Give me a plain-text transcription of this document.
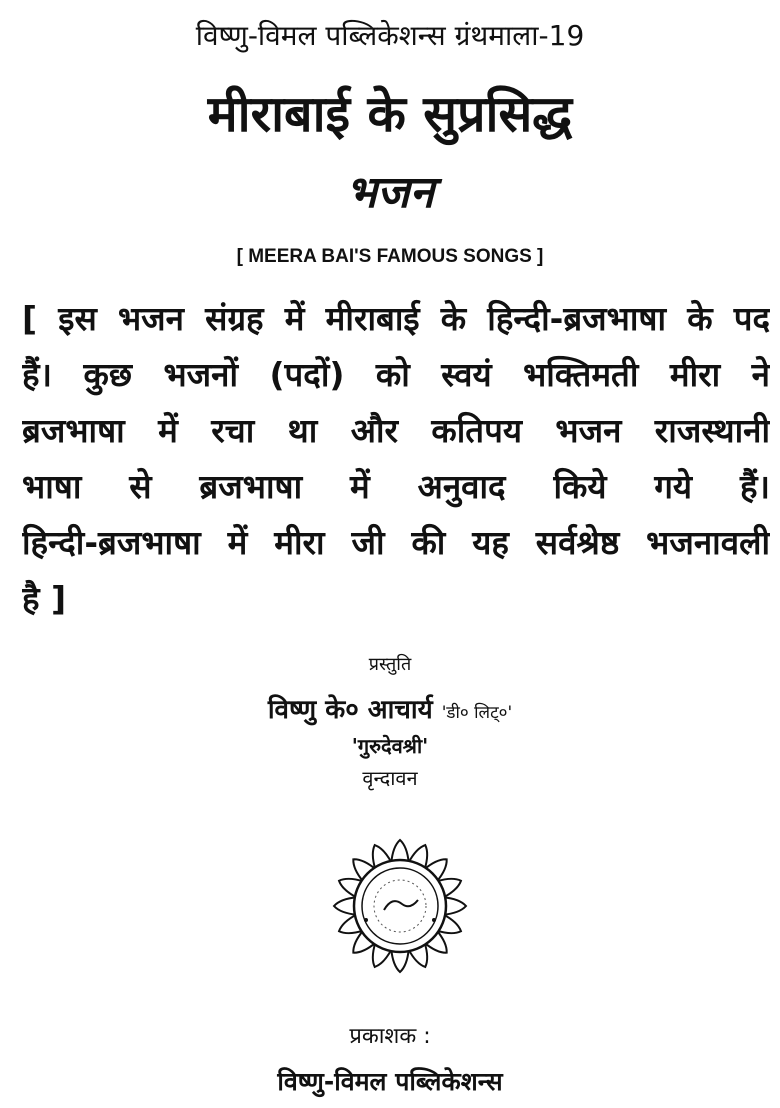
विष्णु-विमल पब्लिकेशन्स ग्रंथमाला-19
मीराबाई के सुप्रसिद्ध
भजन
[ MEERA BAI'S FAMOUS SONGS ]
[ इस भजन संग्रह में मीराबाई के हिन्दी-ब्रजभाषा के पद
हैं। कुछ भजनों (पदों) को स्वयं भक्तिमती मीरा ने
ब्रजभाषा में रचा था और कतिपय भजन राजस्थानी
भाषा से ब्रजभाषा में अनुवाद किये गये हैं।
हिन्दी-ब्रजभाषा में मीरा जी की यह सर्वश्रेष्ठ भजनावली
है ]
प्रस्तुति
विष्णु के० आचार्य 'डी० लिट्०'
'गुरुदेवश्री'
वृन्दावन
प्रकाशक :
विष्णु-विमल पब्लिकेशन्स
